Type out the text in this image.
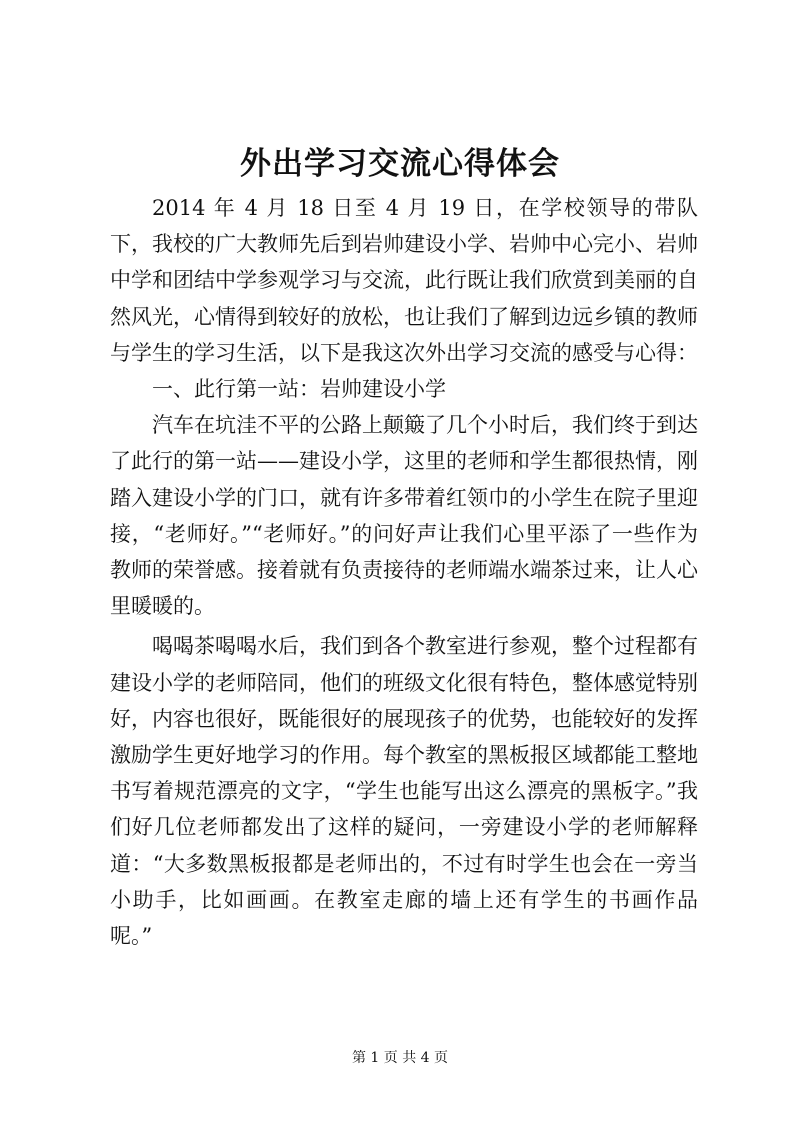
外出学习交流心得体会

2014 年 4 月 18 日至 4 月 19 日，在学校领导的带队下，我校的广大教师先后到岩帅建设小学、岩帅中心完小、岩帅中学和团结中学参观学习与交流，此行既让我们欣赏到美丽的自然风光，心情得到较好的放松，也让我们了解到边远乡镇的教师与学生的学习生活，以下是我这次外出学习交流的感受与心得：

一、此行第一站：岩帅建设小学

汽车在坑洼不平的公路上颠簸了几个小时后，我们终于到达了此行的第一站——建设小学，这里的老师和学生都很热情，刚踏入建设小学的门口，就有许多带着红领巾的小学生在院子里迎接，“老师好。”“老师好。”的问好声让我们心里平添了一些作为教师的荣誉感。接着就有负责接待的老师端水端茶过来，让人心里暖暖的。

喝喝茶喝喝水后，我们到各个教室进行参观，整个过程都有建设小学的老师陪同，他们的班级文化很有特色，整体感觉特别好，内容也很好，既能很好的展现孩子的优势，也能较好的发挥激励学生更好地学习的作用。每个教室的黑板报区域都能工整地书写着规范漂亮的文字，“学生也能写出这么漂亮的黑板字。”我们好几位老师都发出了这样的疑问，一旁建设小学的老师解释道：“大多数黑板报都是老师出的，不过有时学生也会在一旁当小助手，比如画画。在教室走廊的墙上还有学生的书画作品呢。”

第 1 页 共 4 页
